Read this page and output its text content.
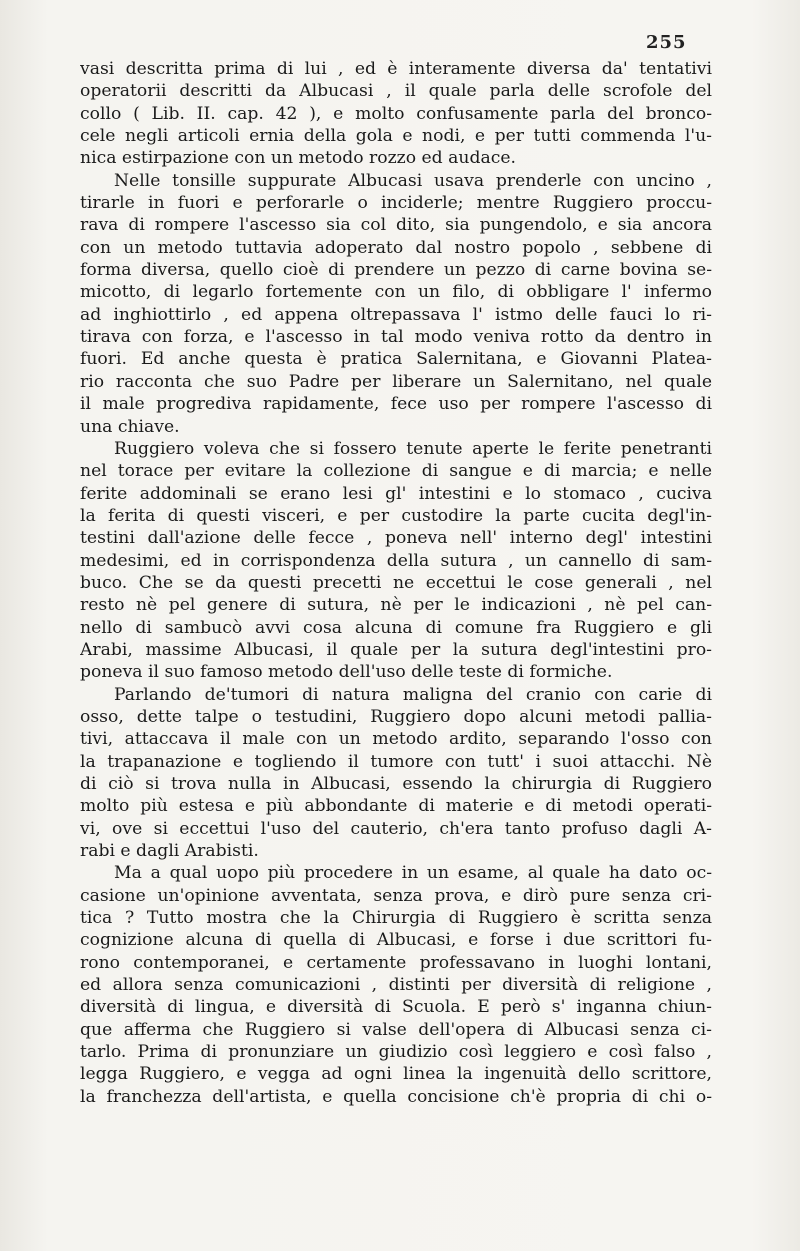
255
vasi descritta prima di lui , ed è interamente diversa da' tentativi
operatorii descritti da Albucasi , il quale parla delle scrofole del
collo ( Lib. II. cap. 42 ), e molto confusamente parla del bronco-
cele negli articoli ernia della gola e nodi, e per tutti commenda l'u-
nica estirpazione con un metodo rozzo ed audace.
Nelle tonsille suppurate Albucasi usava prenderle con uncino ,
tirarle in fuori e perforarle o inciderle; mentre Ruggiero proccu-
rava di rompere l'ascesso sia col dito, sia pungendolo, e sia ancora
con un metodo tuttavia adoperato dal nostro popolo , sebbene di
forma diversa, quello cioè di prendere un pezzo di carne bovina se-
micotto, di legarlo fortemente con un filo, di obbligare l' infermo
ad inghiottirlo , ed appena oltrepassava l' istmo delle fauci lo ri-
tirava con forza, e l'ascesso in tal modo veniva rotto da dentro in
fuori. Ed anche questa è pratica Salernitana, e Giovanni Platea-
rio racconta che suo Padre per liberare un Salernitano, nel quale
il male progrediva rapidamente, fece uso per rompere l'ascesso di
una chiave.
Ruggiero voleva che si fossero tenute aperte le ferite penetranti
nel torace per evitare la collezione di sangue e di marcia; e nelle
ferite addominali se erano lesi gl' intestini e lo stomaco , cuciva
la ferita di questi visceri, e per custodire la parte cucita degl'in-
testini dall'azione delle fecce , poneva nell' interno degl' intestini
medesimi, ed in corrispondenza della sutura , un cannello di sam-
buco. Che se da questi precetti ne eccettui le cose generali , nel
resto nè pel genere di sutura, nè per le indicazioni , nè pel can-
nello di sambucò avvi cosa alcuna di comune fra Ruggiero e gli
Arabi, massime Albucasi, il quale per la sutura degl'intestini pro-
poneva il suo famoso metodo dell'uso delle teste di formiche.
Parlando de'tumori di natura maligna del cranio con carie di
osso, dette talpe o testudini, Ruggiero dopo alcuni metodi pallia-
tivi, attaccava il male con un metodo ardito, separando l'osso con
la trapanazione e togliendo il tumore con tutt' i suoi attacchi. Nè
di ciò si trova nulla in Albucasi, essendo la chirurgia di Ruggiero
molto più estesa e più abbondante di materie e di metodi operati-
vi, ove si eccettui l'uso del cauterio, ch'era tanto profuso dagli A-
rabi e dagli Arabisti.
Ma a qual uopo più procedere in un esame, al quale ha dato oc-
casione un'opinione avventata, senza prova, e dirò pure senza cri-
tica ? Tutto mostra che la Chirurgia di Ruggiero è scritta senza
cognizione alcuna di quella di Albucasi, e forse i due scrittori fu-
rono contemporanei, e certamente professavano in luoghi lontani,
ed allora senza comunicazioni , distinti per diversità di religione ,
diversità di lingua, e diversità di Scuola. E però s' inganna chiun-
que afferma che Ruggiero si valse dell'opera di Albucasi senza ci-
tarlo. Prima di pronunziare un giudizio così leggiero e così falso ,
legga Ruggiero, e vegga ad ogni linea la ingenuità dello scrittore,
la franchezza dell'artista, e quella concisione ch'è propria di chi o-
